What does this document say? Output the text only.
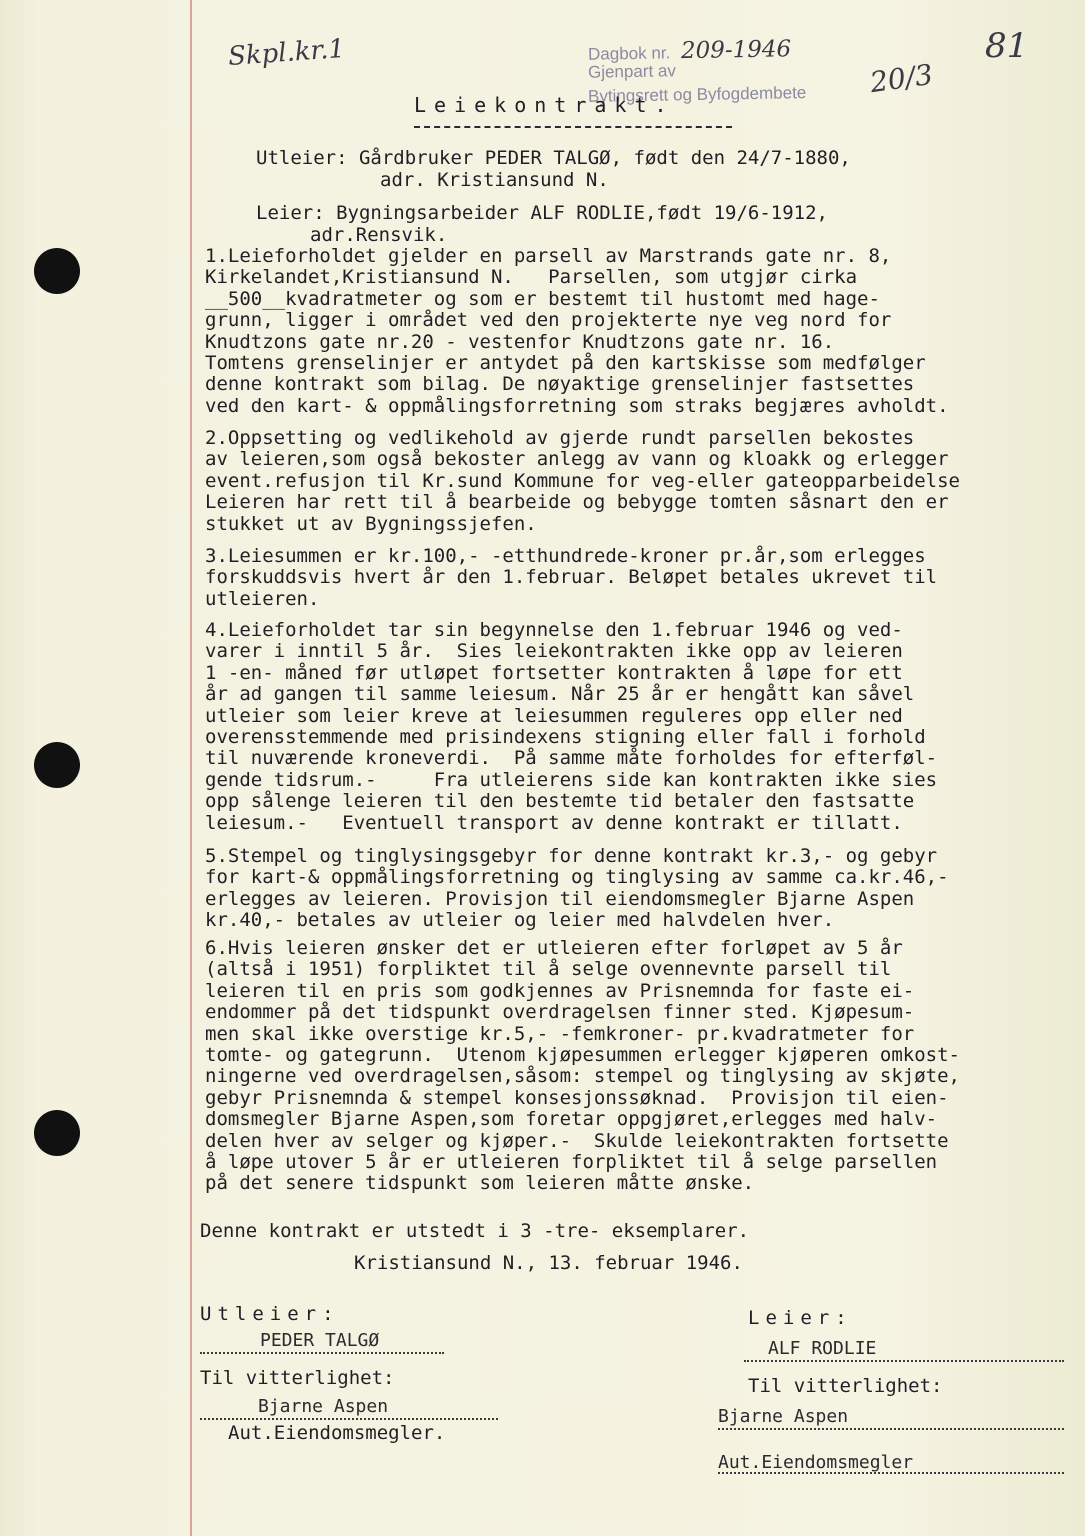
Skpl.kr.1	81
Dagbok nr. 209-1946
Gjenpart av
Bytingsrett og Byfogdembete 20/3
Leiekontrakt.
Utleier: Gårdbruker PEDER TALGØ, født den 24/7-1880,
adr. Kristiansund N.
Leier: Bygningsarbeider ALF RODLIE,født 19/6-1912,
adr.Rensvik.
1.Leieforholdet gjelder en parsell av Marstrands gate nr. 8,
Kirkelandet,Kristiansund N.   Parsellen, som utgjør cirka
__500__kvadratmeter og som er bestemt til hustomt med hage-
grunn, ligger i området ved den projekterte nye veg nord for
Knudtzons gate nr.20 - vestenfor Knudtzons gate nr. 16.
Tomtens grenselinjer er antydet på den kartskisse som medfølger
denne kontrakt som bilag. De nøyaktige grenselinjer fastsettes
ved den kart- & oppmålingsforretning som straks begjæres avholdt.
2.Oppsetting og vedlikehold av gjerde rundt parsellen bekostes
av leieren,som også bekoster anlegg av vann og kloakk og erlegger
event.refusjon til Kr.sund Kommune for veg-eller gateopparbeidelse
Leieren har rett til å bearbeide og bebygge tomten såsnart den er
stukket ut av Bygningssjefen.
3.Leiesummen er kr.100,- -etthundrede-kroner pr.år,som erlegges
forskuddsvis hvert år den 1.februar. Beløpet betales ukrevet til
utleieren.
4.Leieforholdet tar sin begynnelse den 1.februar 1946 og ved-
varer i inntil 5 år.  Sies leiekontrakten ikke opp av leieren
1 -en- måned før utløpet fortsetter kontrakten å løpe for ett
år ad gangen til samme leiesum. Når 25 år er hengått kan såvel
utleier som leier kreve at leiesummen reguleres opp eller ned
overensstemmende med prisindexens stigning eller fall i forhold
til nuværende kroneverdi.  På samme måte forholdes for efterføl-
gende tidsrum.-     Fra utleierens side kan kontrakten ikke sies
opp sålenge leieren til den bestemte tid betaler den fastsatte
leiesum.-   Eventuell transport av denne kontrakt er tillatt.
5.Stempel og tinglysingsgebyr for denne kontrakt kr.3,- og gebyr
for kart-& oppmålingsforretning og tinglysing av samme ca.kr.46,-
erlegges av leieren. Provisjon til eiendomsmegler Bjarne Aspen
kr.40,- betales av utleier og leier med halvdelen hver.
6.Hvis leieren ønsker det er utleieren efter forløpet av 5 år
(altså i 1951) forpliktet til å selge ovennevnte parsell til
leieren til en pris som godkjennes av Prisnemnda for faste ei-
endommer på det tidspunkt overdragelsen finner sted. Kjøpesum-
men skal ikke overstige kr.5,- -femkroner- pr.kvadratmeter for
tomte- og gategrunn.  Utenom kjøpesummen erlegger kjøperen omkost-
ningerne ved overdragelsen,såsom: stempel og tinglysing av skjøte,
gebyr Prisnemnda & stempel konsesjonssøknad.  Provisjon til eien-
domsmegler Bjarne Aspen,som foretar oppgjøret,erlegges med halv-
delen hver av selger og kjøper.-  Skulde leiekontrakten fortsette
å løpe utover 5 år er utleieren forpliktet til å selge parsellen
på det senere tidspunkt som leieren måtte ønske.
Denne kontrakt er utstedt i 3 -tre- eksemplarer.
Kristiansund N., 13. februar 1946.
Utleier:
PEDER TALGØ
Leier:
ALF RODLIE
Til vitterlighet:
Bjarne Aspen
Aut.Eiendomsmegler.
Til vitterlighet:
Bjarne Aspen
Aut.Eiendomsmegler
